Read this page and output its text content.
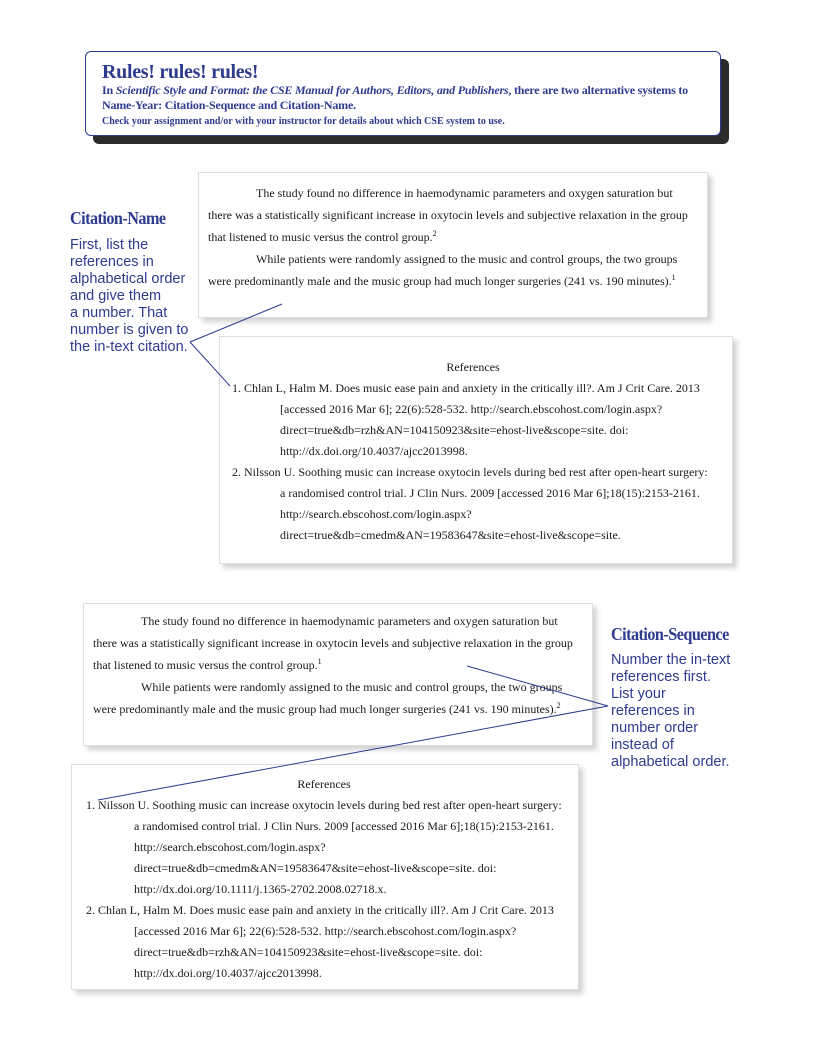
Rules! rules! rules!
In Scientific Style and Format: the CSE Manual for Authors, Editors, and Publishers, there are two alternative systems to
Name-Year: Citation-Sequence and Citation-Name.
Check your assignment and/or with your instructor for details about which CSE system to use.
Citation-Name
First, list the
references in
alphabetical order
and give them
a number. That
number is given to
the in-text citation.

The study found no difference in haemodynamic parameters and oxygen saturation but there was a statistically significant increase in oxytocin levels and subjective relaxation in the group that listened to music versus the control group.$^2$

While patients were randomly assigned to the music and control groups, the two groups were predominantly male and the music group had much longer surgeries (241 vs. 190 minutes).$^1$

References
1. Chlan L, Halm M. Does music ease pain and anxiety in the critically ill?. Am J Crit Care. 2013 [accessed 2016 Mar 6]; 22(6):528-532. http://search.ebscohost.com/login.aspx?direct=true&db=rzh&AN=104150923&site=ehost-live&scope=site. doi: http://dx.doi.org/10.4037/ajcc2013998.
2. Nilsson U. Soothing music can increase oxytocin levels during bed rest after open-heart surgery: a randomised control trial. J Clin Nurs. 2009 [accessed 2016 Mar 6];18(15):2153-2161. http://search.ebscohost.com/login.aspx?direct=true&db=cmedm&AN=19583647&site=ehost-live&scope=site.
Citation-Sequence
Number the in-text
references first.
List your
references in
number order
instead of
alphabetical order.

The study found no difference in haemodynamic parameters and oxygen saturation but there was a statistically significant increase in oxytocin levels and subjective relaxation in the group that listened to music versus the control group.$^1$

While patients were randomly assigned to the music and control groups, the two groups were predominantly male and the music group had much longer surgeries (241 vs. 190 minutes).$^2$

References
1. Nilsson U. Soothing music can increase oxytocin levels during bed rest after open-heart surgery: a randomised control trial. J Clin Nurs. 2009 [accessed 2016 Mar 6];18(15):2153-2161. http://search.ebscohost.com/login.aspx?direct=true&db=cmedm&AN=19583647&site=ehost-live&scope=site. doi: http://dx.doi.org/10.1111/j.1365-2702.2008.02718.x.
2. Chlan L, Halm M. Does music ease pain and anxiety in the critically ill?. Am J Crit Care. 2013 [accessed 2016 Mar 6]; 22(6):528-532. http://search.ebscohost.com/login.aspx?direct=true&db=rzh&AN=104150923&site=ehost-live&scope=site. doi: http://dx.doi.org/10.4037/ajcc2013998.
